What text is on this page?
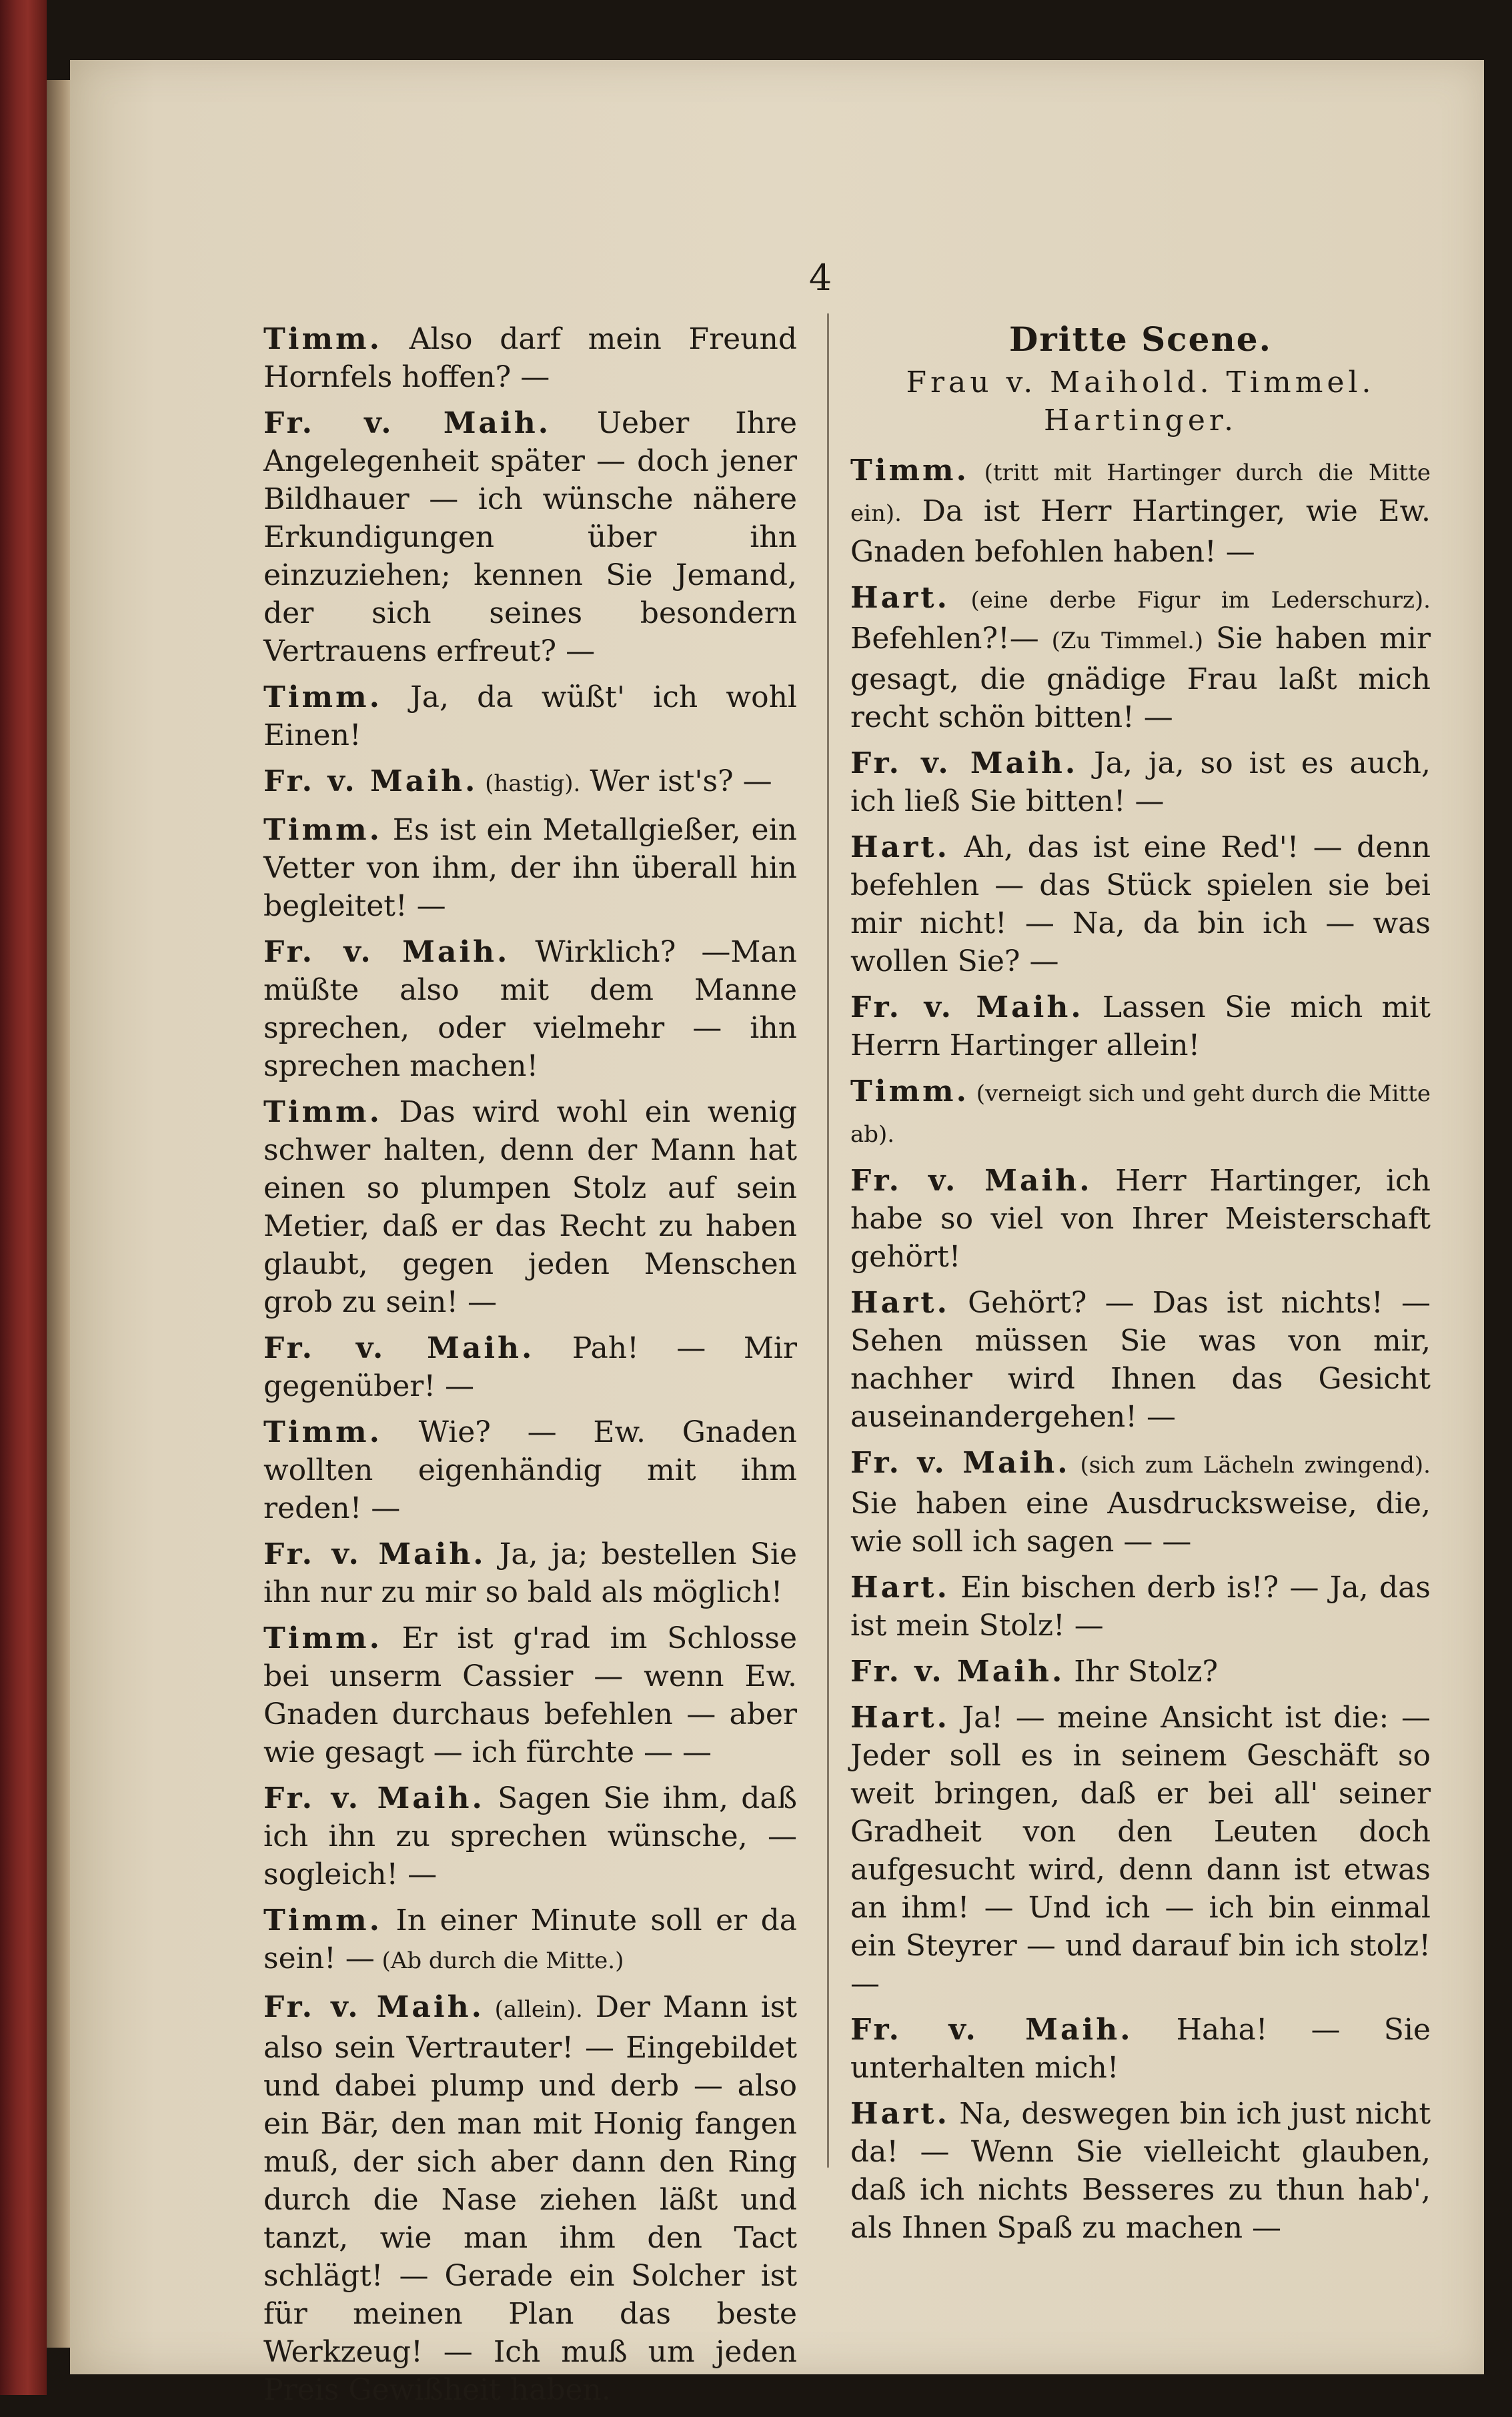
4

Timm. Also darf mein Freund Hornfels hoffen? —

Fr. v. Maih. Ueber Ihre Angelegenheit später — doch jener Bildhauer — ich wünsche nähere Erkundigungen über ihn einzuziehen; kennen Sie Jemand, der sich seines besondern Vertrauens erfreut? —

Timm. Ja, da wüßt' ich wohl Einen!

Fr. v. Maih. (hastig). Wer ist's? —

Timm. Es ist ein Metallgießer, ein Vetter von ihm, der ihn überall hin begleitet! —

Fr. v. Maih. Wirklich? —Man müßte also mit dem Manne sprechen, oder vielmehr — ihn sprechen machen!

Timm. Das wird wohl ein wenig schwer halten, denn der Mann hat einen so plumpen Stolz auf sein Metier, daß er das Recht zu haben glaubt, gegen jeden Menschen grob zu sein! —

Fr. v. Maih. Pah! — Mir gegenüber! —

Timm. Wie? — Ew. Gnaden wollten eigenhändig mit ihm reden! —

Fr. v. Maih. Ja, ja; bestellen Sie ihn nur zu mir so bald als möglich!

Timm. Er ist g'rad im Schlosse bei unserm Cassier — wenn Ew. Gnaden durchaus befehlen — aber wie gesagt — ich fürchte — —

Fr. v. Maih. Sagen Sie ihm, daß ich ihn zu sprechen wünsche, — sogleich! —

Timm. In einer Minute soll er da sein! — (Ab durch die Mitte.)

Fr. v. Maih. (allein). Der Mann ist also sein Vertrauter! — Eingebildet und dabei plump und derb — also ein Bär, den man mit Honig fangen muß, der sich aber dann den Ring durch die Nase ziehen läßt und tanzt, wie man ihm den Tact schlägt! — Gerade ein Solcher ist für meinen Plan das beste Werkzeug! — Ich muß um jeden Preis Gewißheit haben.

Dritte Scene.
Frau v. Maihold. Timmel. Hartinger.

Timm. (tritt mit Hartinger durch die Mitte ein). Da ist Herr Hartinger, wie Ew. Gnaden befohlen haben! —

Hart. (eine derbe Figur im Lederschurz). Befehlen?!— (Zu Timmel.) Sie haben mir gesagt, die gnädige Frau laßt mich recht schön bitten! —

Fr. v. Maih. Ja, ja, so ist es auch, ich ließ Sie bitten! —

Hart. Ah, das ist eine Red'! — denn befehlen — das Stück spielen sie bei mir nicht! — Na, da bin ich — was wollen Sie? —

Fr. v. Maih. Lassen Sie mich mit Herrn Hartinger allein!

Timm. (verneigt sich und geht durch die Mitte ab).

Fr. v. Maih. Herr Hartinger, ich habe so viel von Ihrer Meisterschaft gehört!

Hart. Gehört? — Das ist nichts! — Sehen müssen Sie was von mir, nachher wird Ihnen das Gesicht auseinandergehen! —

Fr. v. Maih. (sich zum Lächeln zwingend). Sie haben eine Ausdrucksweise, die, wie soll ich sagen — —

Hart. Ein bischen derb is!? — Ja, das ist mein Stolz! —

Fr. v. Maih. Ihr Stolz?

Hart. Ja! — meine Ansicht ist die: — Jeder soll es in seinem Geschäft so weit bringen, daß er bei all' seiner Gradheit von den Leuten doch aufgesucht wird, denn dann ist etwas an ihm! — Und ich — ich bin einmal ein Steyrer — und darauf bin ich stolz! —

Fr. v. Maih. Haha! — Sie unterhalten mich!

Hart. Na, deswegen bin ich just nicht da! — Wenn Sie vielleicht glauben, daß ich nichts Besseres zu thun hab', als Ihnen Spaß zu machen —
